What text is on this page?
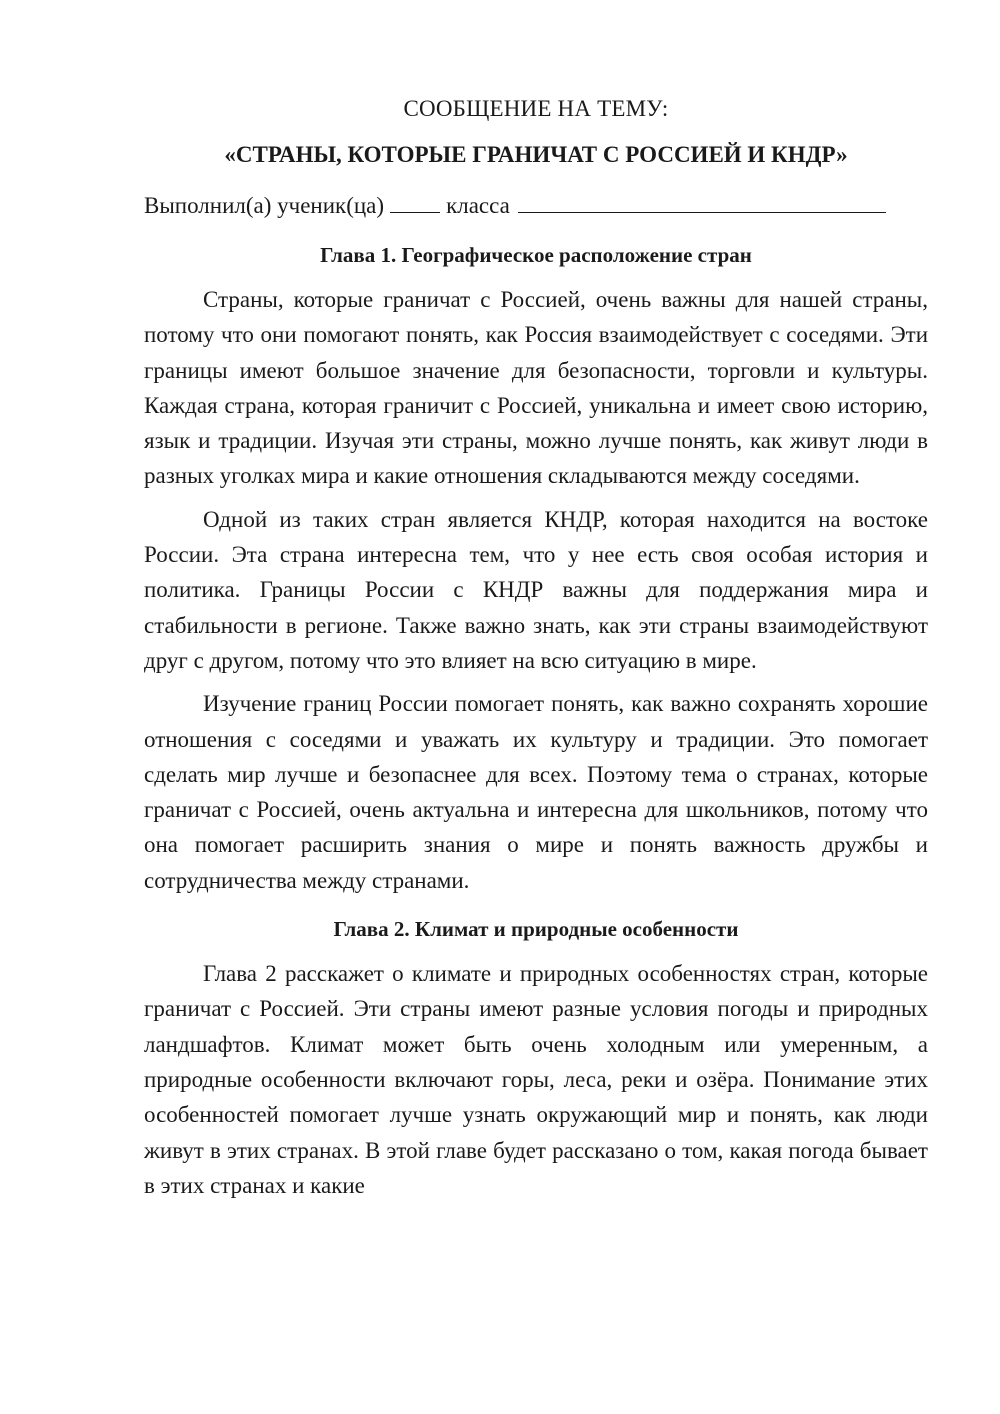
СООБЩЕНИЕ НА ТЕМУ:
«СТРАНЫ, КОТОРЫЕ ГРАНИЧАТ С РОССИЕЙ И КНДР»
Выполнил(а) ученик(ца)	класса
Глава 1. Географическое расположение стран

Страны, которые граничат с Россией, очень важны для нашей страны, потому что они помогают понять, как Россия взаимодействует с соседями. Эти границы имеют большое значение для безопасности, торговли и культуры. Каждая страна, которая граничит с Россией, уникальна и имеет свою историю, язык и традиции. Изучая эти страны, можно лучше понять, как живут люди в разных уголках мира и какие отношения складываются между соседями.

Одной из таких стран является КНДР, которая находится на востоке России. Эта страна интересна тем, что у нее есть своя особая история и политика. Границы России с КНДР важны для поддержания мира и стабильности в регионе. Также важно знать, как эти страны взаимодействуют друг с другом, потому что это влияет на всю ситуацию в мире.

Изучение границ России помогает понять, как важно сохранять хорошие отношения с соседями и уважать их культуру и традиции. Это помогает сделать мир лучше и безопаснее для всех. Поэтому тема о странах, которые граничат с Россией, очень актуальна и интересна для школьников, потому что она помогает расширить знания о мире и понять важность дружбы и сотрудничества между странами.

Глава 2. Климат и природные особенности

Глава 2 расскажет о климате и природных особенностях стран, которые граничат с Россией. Эти страны имеют разные условия погоды и природных ландшафтов. Климат может быть очень холодным или умеренным, а природные особенности включают горы, леса, реки и озёра. Понимание этих особенностей помогает лучше узнать окружающий мир и понять, как люди живут в этих странах. В этой главе будет рассказано о том, какая погода бывает в этих странах и какие
